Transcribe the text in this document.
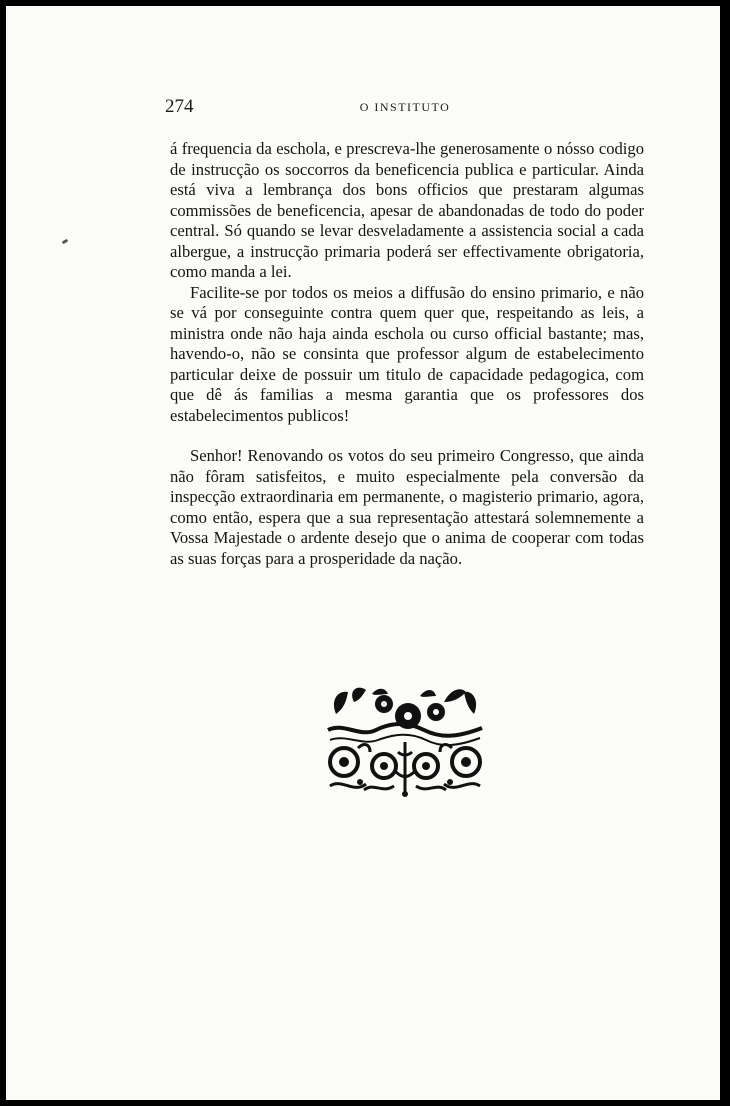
274	O INSTITUTO

á frequencia da eschola, e prescreva-lhe generosamente o nósso codigo de instrucção os soccorros da beneficencia publica e particular. Ainda está viva a lembrança dos bons officios que prestaram algumas commissões de beneficencia, apesar de abandonadas de todo do poder central. Só quando se levar desveladamente a assistencia social a cada albergue, a instrucção primaria poderá ser effectivamente obrigatoria, como manda a lei.

Facilite-se por todos os meios a diffusão do ensino primario, e não se vá por conseguinte contra quem quer que, respeitando as leis, a ministra onde não haja ainda eschola ou curso official bastante; mas, havendo-o, não se consinta que professor algum de estabelecimento particular deixe de possuir um titulo de capacidade pedagogica, com que dê ás familias a mesma garantia que os professores dos estabelecimentos publicos!

Senhor! Renovando os votos do seu primeiro Congresso, que ainda não fôram satisfeitos, e muito especialmente pela conversão da inspecção extraordinaria em permanente, o magisterio primario, agora, como então, espera que a sua representação attestará solemnemente a Vossa Majestade o ardente desejo que o anima de cooperar com todas as suas forças para a prosperidade da nação.
